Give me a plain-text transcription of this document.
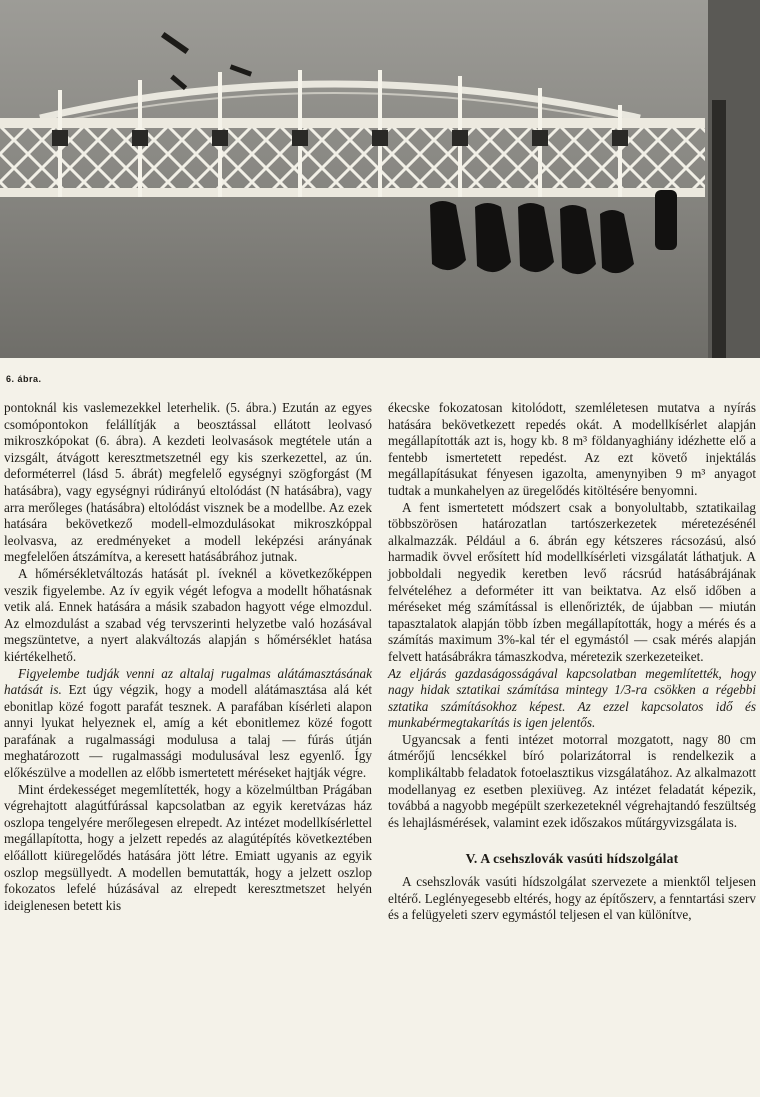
6. ábra.

pontoknál kis vaslemezekkel leterhelik. (5. ábra.) Ezután az egyes csomópontokon felállítják a beosztással ellátott leolvasó mikroszkópokat (6. ábra). A kezdeti leolvasások megtétele után a vizsgált, átvágott keresztmetszetnél egy kis szerkezettel, az ún. deforméterrel (lásd 5. ábrát) megfelelő egységnyi szögforgást (M hatásábra), vagy egységnyi rúdirányú eltolódást (N hatásábra), vagy arra merőleges (hatásábra) eltolódást visznek be a modellbe. Az ezek hatására bekövetkező modell-elmozdulásokat mikroszkóppal leolvasva, az eredményeket a modell leképzési arányának megfelelően átszámítva, a keresett hatásábrához jutnak.

A hőmérsékletváltozás hatását pl. íveknél a következőképpen veszik figyelembe. Az ív egyik végét lefogva a modellt hőhatásnak vetik alá. Ennek hatására a másik szabadon hagyott vége elmozdul. Az elmozdulást a szabad vég tervszerinti helyzetbe való hozásával megszüntetve, a nyert alakváltozás alapján s hőmérséklet hatása kiértékelhető.

Figyelembe tudják venni az altalaj rugalmas alátámasztásának hatását is. Ezt úgy végzik, hogy a modell alátámasztása alá két ebonitlap közé fogott parafát tesznek. A parafában kísérleti alapon annyi lyukat helyeznek el, amíg a két ebonitlemez közé fogott parafának a rugalmassági modulusa a talaj — fúrás útján meghatározott — rugalmassági modulusával lesz egyenlő. Így előkészülve a modellen az előbb ismertetett méréseket hajtják végre.

Mint érdekességet megemlítették, hogy a közelmúltban Prágában végrehajtott alagútfúrással kapcsolatban az egyik keretvázas ház oszlopa tengelyére merőlegesen elrepedt. Az intézet modellkísérlettel megállapította, hogy a jelzett repedés az alagútépítés következtében előállott kiüregelődés hatására jött létre. Emiatt ugyanis az egyik oszlop megsüllyedt. A modellen bemutatták, hogy a jelzett oszlop fokozatos lefelé húzásával az elrepedt keresztmetszet helyén ideiglenesen betett kis

ékecske fokozatosan kitolódott, szemléletesen mutatva a nyírás hatására bekövetkezett repedés okát. A modellkísérlet alapján megállapították azt is, hogy kb. 8 m³ földanyaghiány idézhette elő a fentebb ismertetett repedést. Az ezt követő injektálás megállapításukat fényesen igazolta, amenynyiben 9 m³ anyagot tudtak a munkahelyen az üregelődés kitöltésére benyomni.

A fent ismertetett módszert csak a bonyolultabb, sztatikailag többszörösen határozatlan tartószerkezetek méretezésénél alkalmazzák. Például a 6. ábrán egy kétszeres rácsozású, alsó harmadik övvel erősített híd modellkísérleti vizsgálatát láthatjuk. A jobboldali negyedik keretben levő rácsrúd hatásábrájának felvételéhez a deforméter itt van beiktatva. Az első időben a méréseket még számítással is ellenőrizték, de újabban — miután tapasztalatok alapján több ízben megállapították, hogy a mérés és a számítás maximum 3%-kal tér el egymástól — csak mérés alapján felvett hatásábrákra támaszkodva, méretezik szerkezeteiket.

Az eljárás gazdaságosságával kapcsolatban megemlítették, hogy nagy hidak sztatikai számítása mintegy 1/3-ra csökken a régebbi sztatika számításokhoz képest. Az ezzel kapcsolatos idő és munkabérmegtakarítás is igen jelentős.

Ugyancsak a fenti intézet motorral mozgatott, nagy 80 cm átmérőjű lencsékkel bíró polarizátorral is rendelkezik a komplikáltabb feladatok fotoelasztikus vizsgálatához. Az alkalmazott modellanyag ez esetben plexiüveg. Az intézet feladatát képezik, továbbá a nagyobb megépült szerkezeteknél végrehajtandó feszültség és lehajlásmérések, valamint ezek időszakos műtárgyvizsgálata is.

V. A csehszlovák vasúti hídszolgálat

A csehszlovák vasúti hídszolgálat szervezete a mienktől teljesen eltérő. Leglényegesebb eltérés, hogy az építőszerv, a fenntartási szerv és a felügyeleti szerv egymástól teljesen el van különítve,
